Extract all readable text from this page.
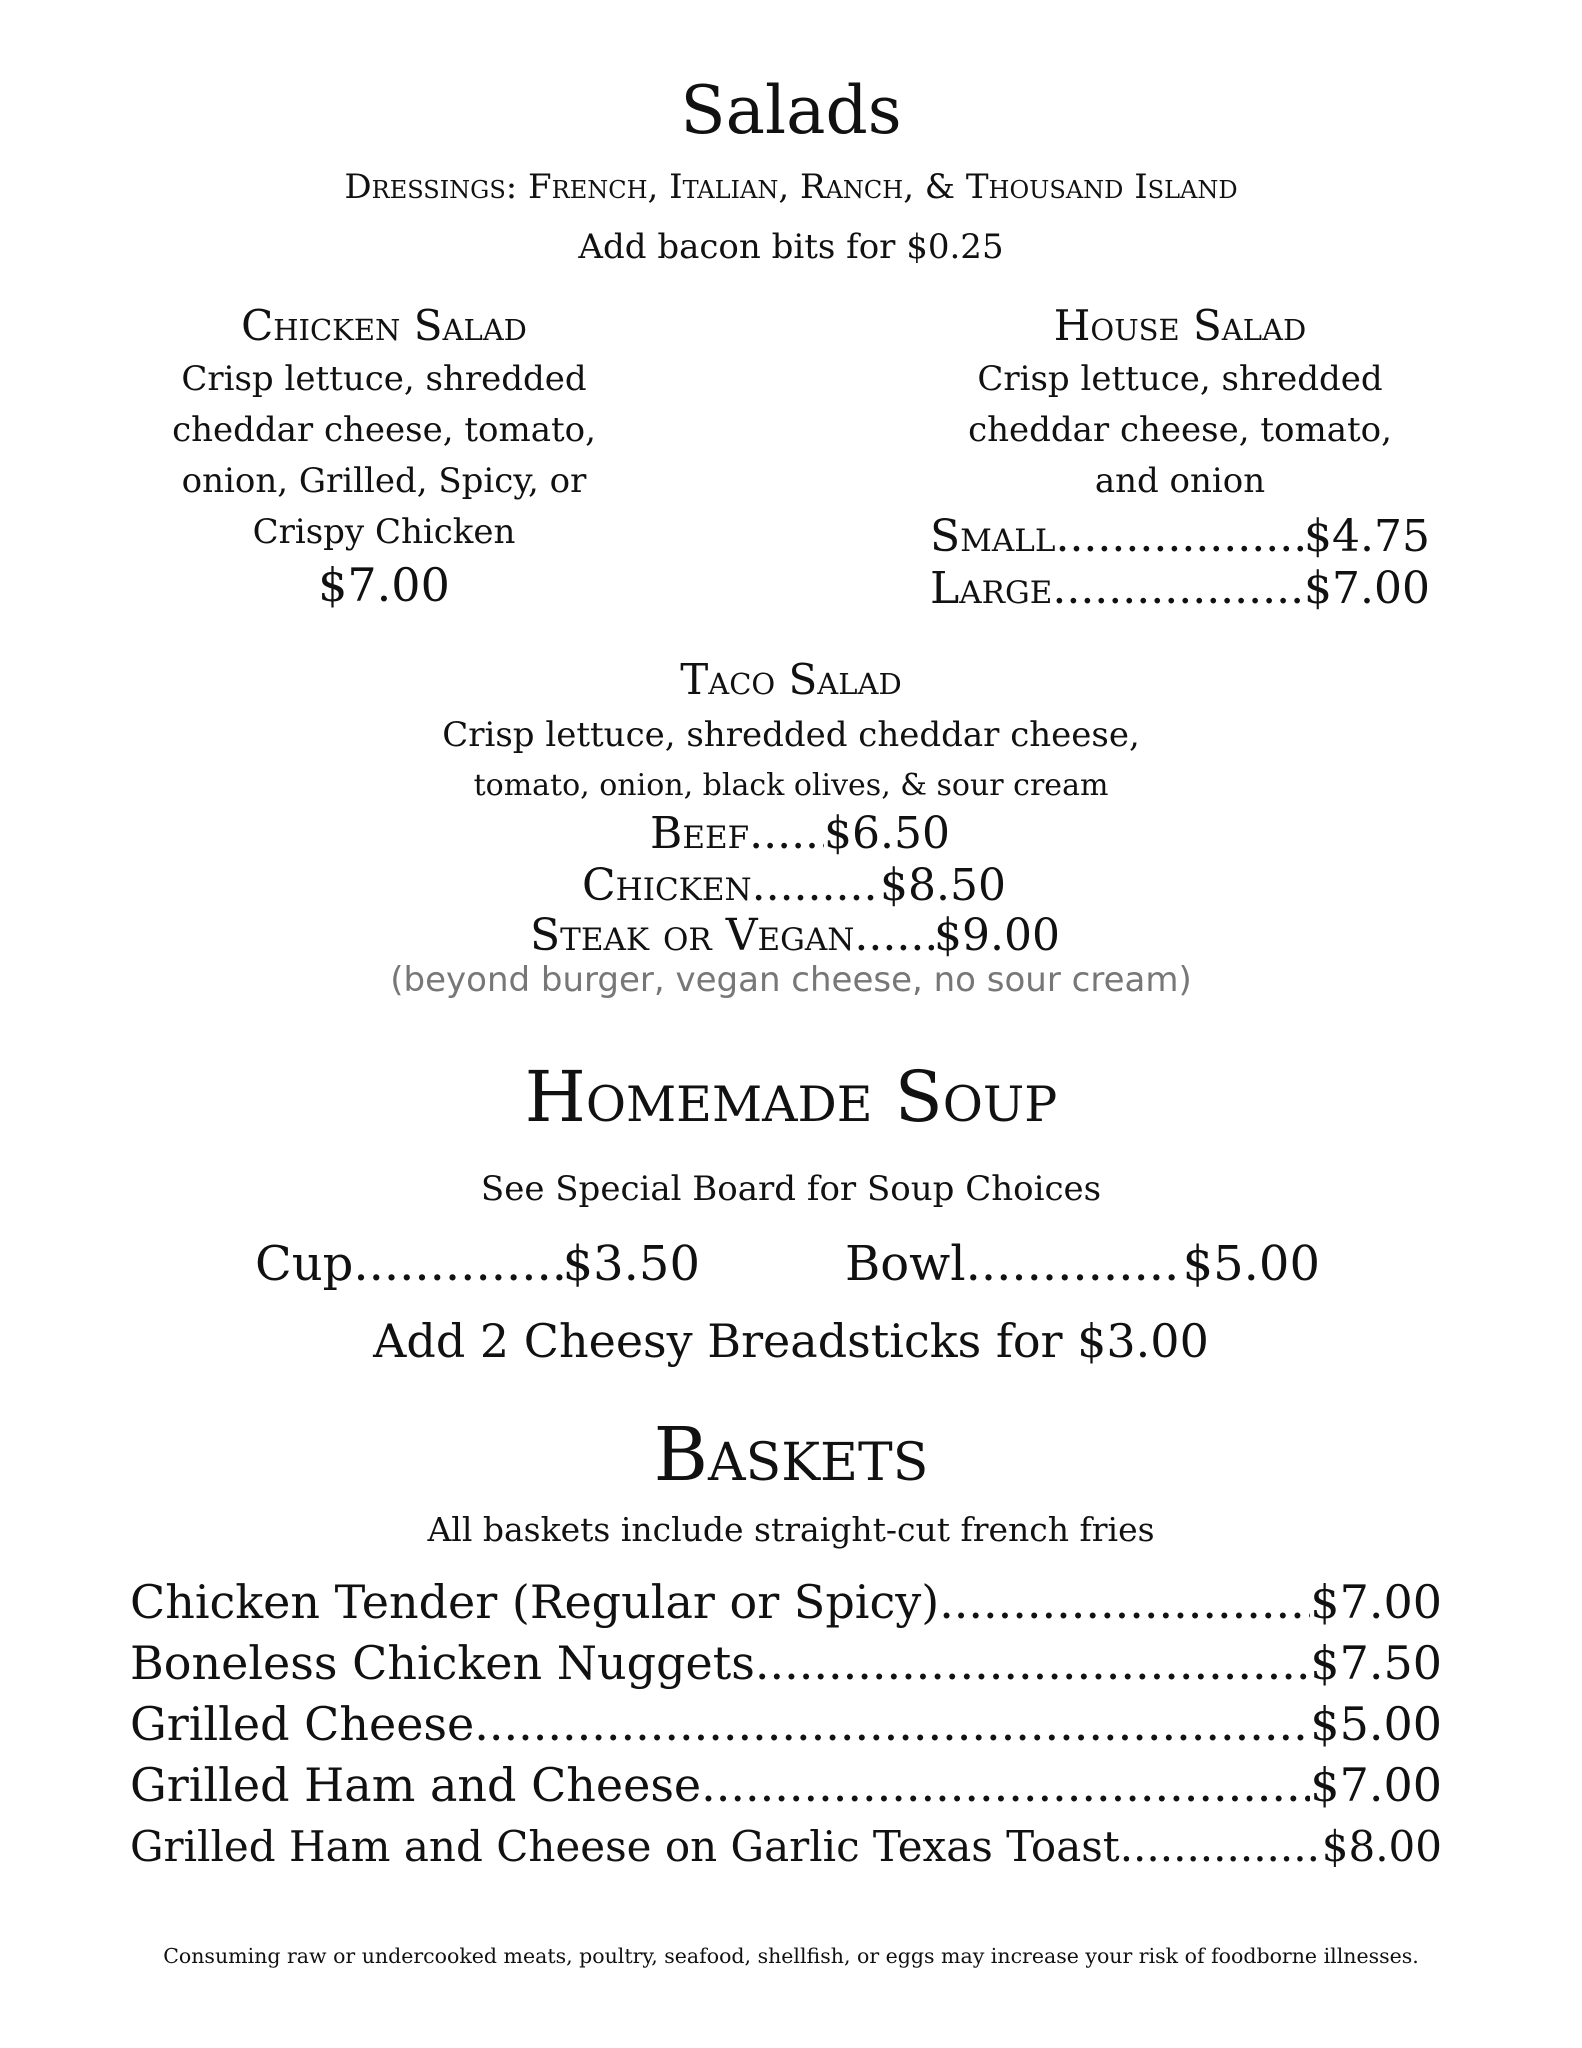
Salads
Dressings: French, Italian, Ranch, & Thousand Island
Add bacon bits for $0.25
Chicken Salad
Crisp lettuce, shredded
cheddar cheese, tomato,
onion, Grilled, Spicy, or
Crispy Chicken
$7.00
House Salad
Crisp lettuce, shredded
cheddar cheese, tomato,
and onion
Small .....	$4.75
Large .....	$7.00
Taco Salad
Crisp lettuce, shredded cheddar cheese,
tomato, onion, black olives, & sour cream
Beef ..... $6.50
Chicken .....	$8.50
Steak or Vegan ..... $9.00
(beyond burger, vegan cheese, no sour cream)
Homemade Soup
See Special Board for Soup Choices
Cup .....	$3.50	Bowl .....	$5.00
Add 2 Cheesy Breadsticks for $3.00
Baskets
All baskets include straight-cut french fries
Chicken Tender (Regular or Spicy) .....	$7.00
Boneless Chicken Nuggets .....	$7.50
Grilled Cheese .....	$5.00
Grilled Ham and Cheese .....	$7.00
Grilled Ham and Cheese on Garlic Texas Toast .....	$8.00
Consuming raw or undercooked meats, poultry, seafood, shellfish, or eggs may increase your risk of foodborne illnesses.
